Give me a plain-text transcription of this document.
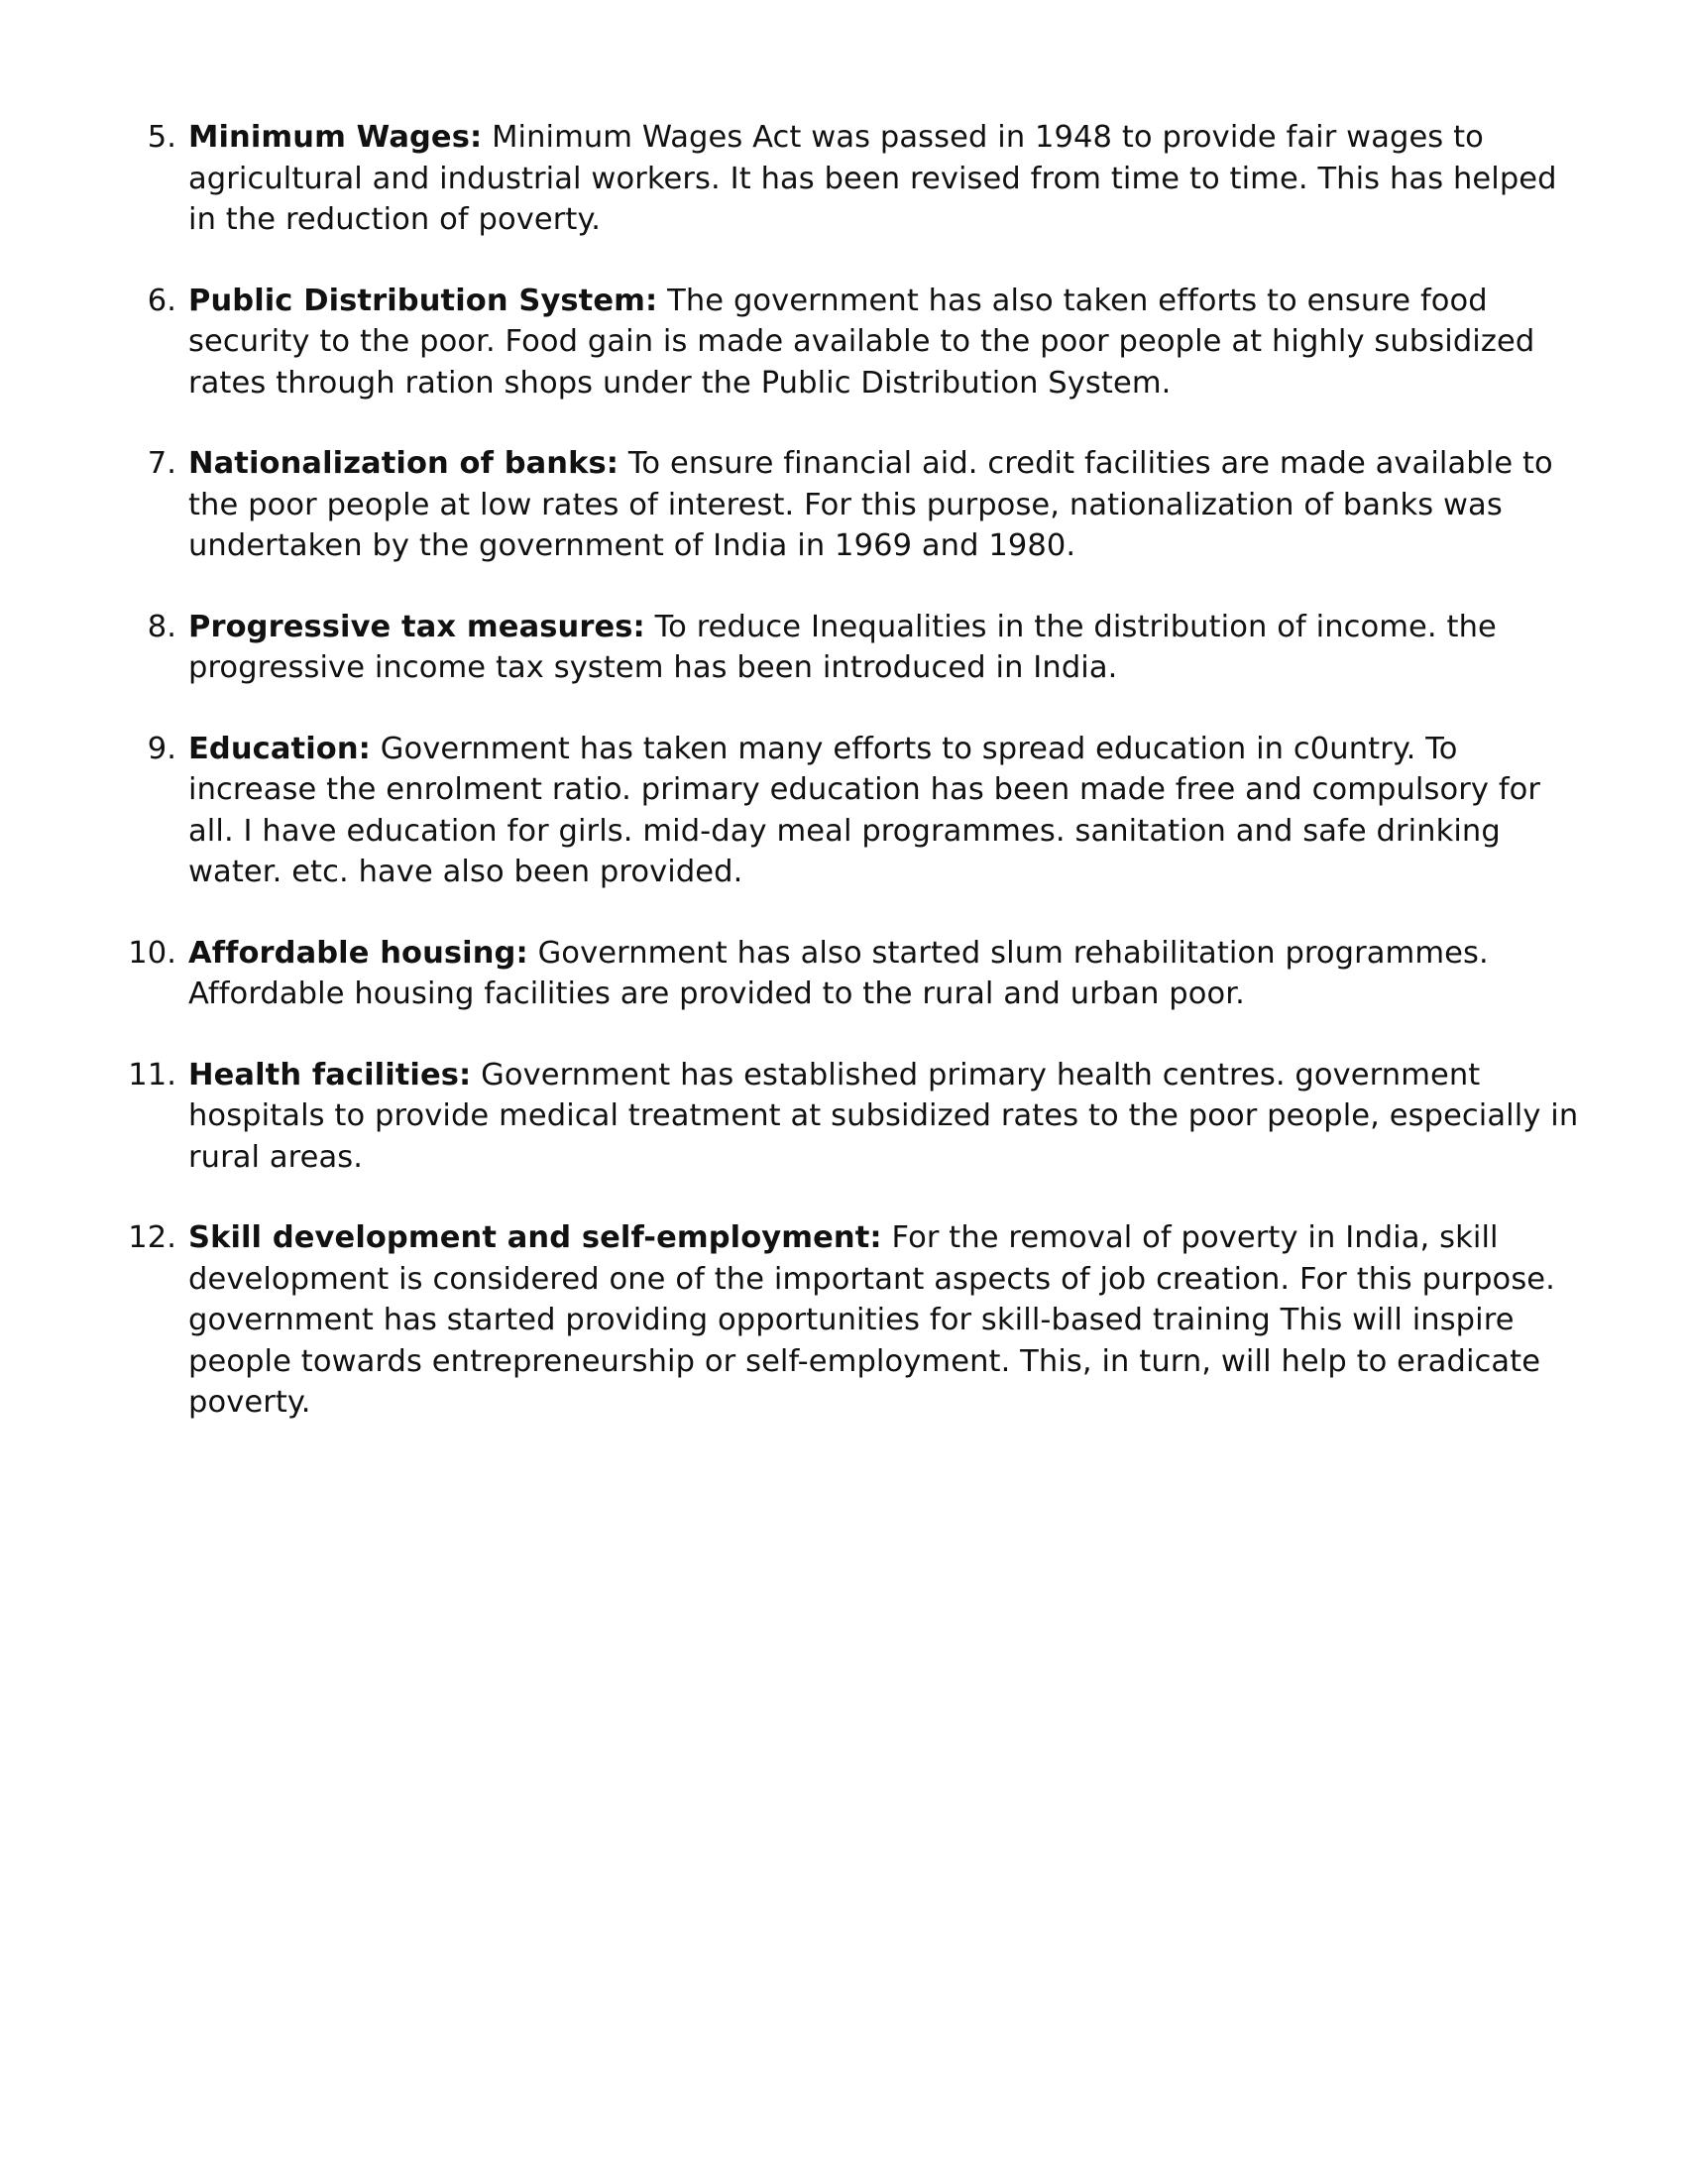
5. Minimum Wages: Minimum Wages Act was passed in 1948 to provide fair wages to agricultural and industrial workers. It has been revised from time to time. This has helped in the reduction of poverty.
6. Public Distribution System: The government has also taken efforts to ensure food security to the poor. Food gain is made available to the poor people at highly subsidized rates through ration shops under the Public Distribution System.
7. Nationalization of banks: To ensure financial aid. credit facilities are made available to the poor people at low rates of interest. For this purpose, nationalization of banks was undertaken by the government of India in 1969 and 1980.
8. Progressive tax measures: To reduce Inequalities in the distribution of income. the progressive income tax system has been introduced in India.
9. Education: Government has taken many efforts to spread education in c0untry. To increase the enrolment ratio. primary education has been made free and compulsory for all. I have education for girls. mid-day meal programmes. sanitation and safe drinking water. etc. have also been provided.
10. Affordable housing: Government has also started slum rehabilitation programmes. Affordable housing facilities are provided to the rural and urban poor.
11. Health facilities: Government has established primary health centres. government hospitals to provide medical treatment at subsidized rates to the poor people, especially in rural areas.
12. Skill development and self-employment: For the removal of poverty in India, skill development is considered one of the important aspects of job creation. For this purpose. government has started providing opportunities for skill-based training This will inspire people towards entrepreneurship or self-employment. This, in turn, will help to eradicate poverty.
